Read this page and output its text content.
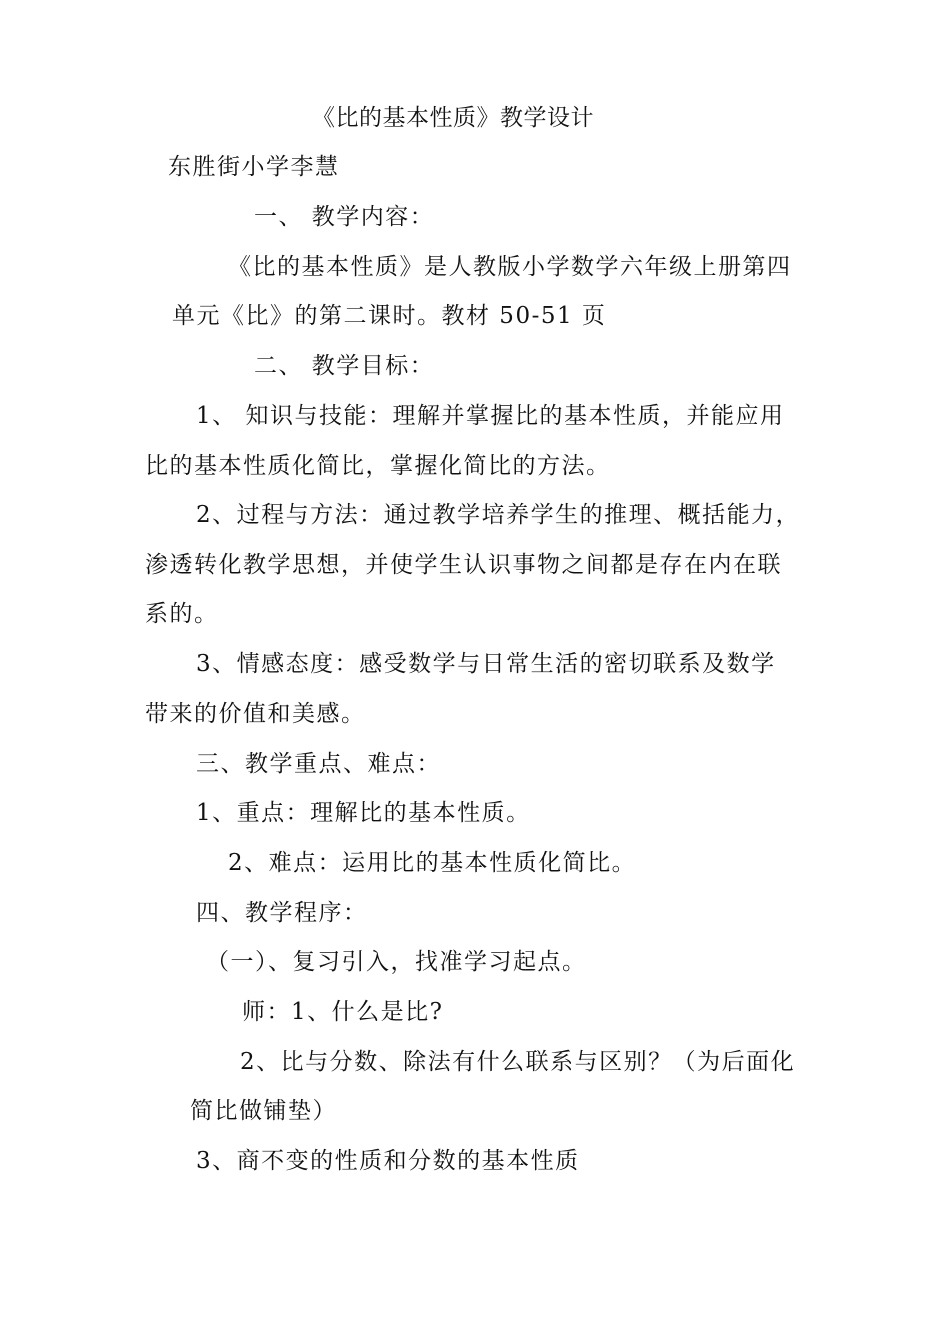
《比的基本性质》教学设计
东胜街小学李慧
一、 教学内容：
《比的基本性质》是人教版小学数学六年级上册第四
单元《比》的第二课时。教材 50-51 页
二、 教学目标：
1、 知识与技能：理解并掌握比的基本性质，并能应用
比的基本性质化简比，掌握化简比的方法。
2、过程与方法：通过教学培养学生的推理、概括能力，
渗透转化教学思想，并使学生认识事物之间都是存在内在联
系的。
3、情感态度：感受数学与日常生活的密切联系及数学
带来的价值和美感。
三、教学重点、难点：
1、重点：理解比的基本性质。
2、难点：运用比的基本性质化简比。
四、教学程序：
（一）、复习引入，找准学习起点。
师：1、什么是比?
2、比与分数、除法有什么联系与区别？（为后面化
简比做铺垫）
3、商不变的性质和分数的基本性质
